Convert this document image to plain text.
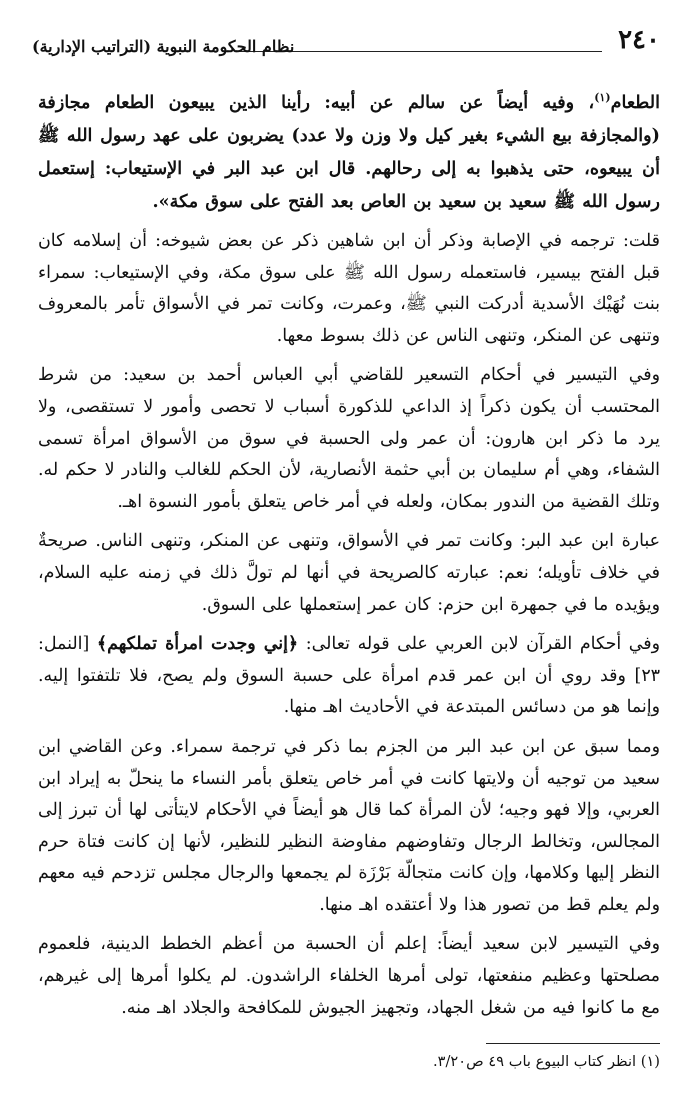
٢٤٠
نظام الحكومة النبوية (التراتيب الإدارية)

الطعام$^{(١)}$، وفيه أيضاً عن سالم عن أبيه: رأينا الذين يبيعون الطعام مجازفة (والمجازفة بيع الشيء بغير كيل ولا وزن ولا عدد) يضربون على عهد رسول الله ﷺ أن يبيعوه، حتى يذهبوا به إلى رحالهم. قال ابن عبد البر في الإستيعاب: إستعمل رسول الله ﷺ سعيد بن سعيد بن العاص بعد الفتح على سوق مكة».

قلت: ترجمه في الإصابة وذكر أن ابن شاهين ذكر عن بعض شيوخه: أن إسلامه كان قبل الفتح بيسير، فاستعمله رسول الله ﷺ على سوق مكة، وفي الإستيعاب: سمراء بنت نُهَيْك الأسدية أدركت النبي ﷺ، وعمرت، وكانت تمر في الأسواق تأمر بالمعروف وتنهى عن المنكر، وتنهى الناس عن ذلك بسوط معها.

وفي التيسير في أحكام التسعير للقاضي أبي العباس أحمد بن سعيد: من شرط المحتسب أن يكون ذكراً إذ الداعي للذكورة أسباب لا تحصى وأمور لا تستقصى، ولا يرد ما ذكر ابن هارون: أن عمر ولى الحسبة في سوق من الأسواق امرأة تسمى الشفاء، وهي أم سليمان بن أبي حثمة الأنصارية، لأن الحكم للغالب والنادر لا حكم له. وتلك القضية من الندور بمكان، ولعله في أمر خاص يتعلق بأمور النسوة اهـ.

عبارة ابن عبد البر: وكانت تمر في الأسواق، وتنهى عن المنكر، وتنهى الناس. صريحةٌ في خلاف تأويله؛ نعم: عبارته كالصريحة في أنها لم تولَّ ذلك في زمنه عليه السلام، ويؤيده ما في جمهرة ابن حزم: كان عمر إستعملها على السوق.

وفي أحكام القرآن لابن العربي على قوله تعالى: ﴿إني وجدت امرأة تملكهم﴾ [النمل: ٢٣] وقد روي أن ابن عمر قدم امرأة على حسبة السوق ولم يصح، فلا تلتفتوا إليه. وإنما هو من دسائس المبتدعة في الأحاديث اهـ منها.

ومما سبق عن ابن عبد البر من الجزم بما ذكر في ترجمة سمراء. وعن القاضي ابن سعيد من توجيه أن ولايتها كانت في أمر خاص يتعلق بأمر النساء ما ينحلّ به إيراد ابن العربي، وإلا فهو وجيه؛ لأن المرأة كما قال هو أيضاً في الأحكام لايتأتى لها أن تبرز إلى المجالس، وتخالط الرجال وتفاوضهم مفاوضة النظير للنظير، لأنها إن كانت فتاة حرم النظر إليها وكلامها، وإن كانت متجالّة بَرْزَة لم يجمعها والرجال مجلس تزدحم فيه معهم ولم يعلم قط من تصور هذا ولا أعتقده اهـ منها.

وفي التيسير لابن سعيد أيضاً: إعلم أن الحسبة من أعظم الخطط الدينية، فلعموم مصلحتها وعظيم منفعتها، تولى أمرها الخلفاء الراشدون. لم يكلوا أمرها إلى غيرهم، مع ما كانوا فيه من شغل الجهاد، وتجهيز الجيوش للمكافحة والجلاد اهـ منه.

(١) انظر كتاب البيوع باب ٤٩ ص٣/٢٠.
